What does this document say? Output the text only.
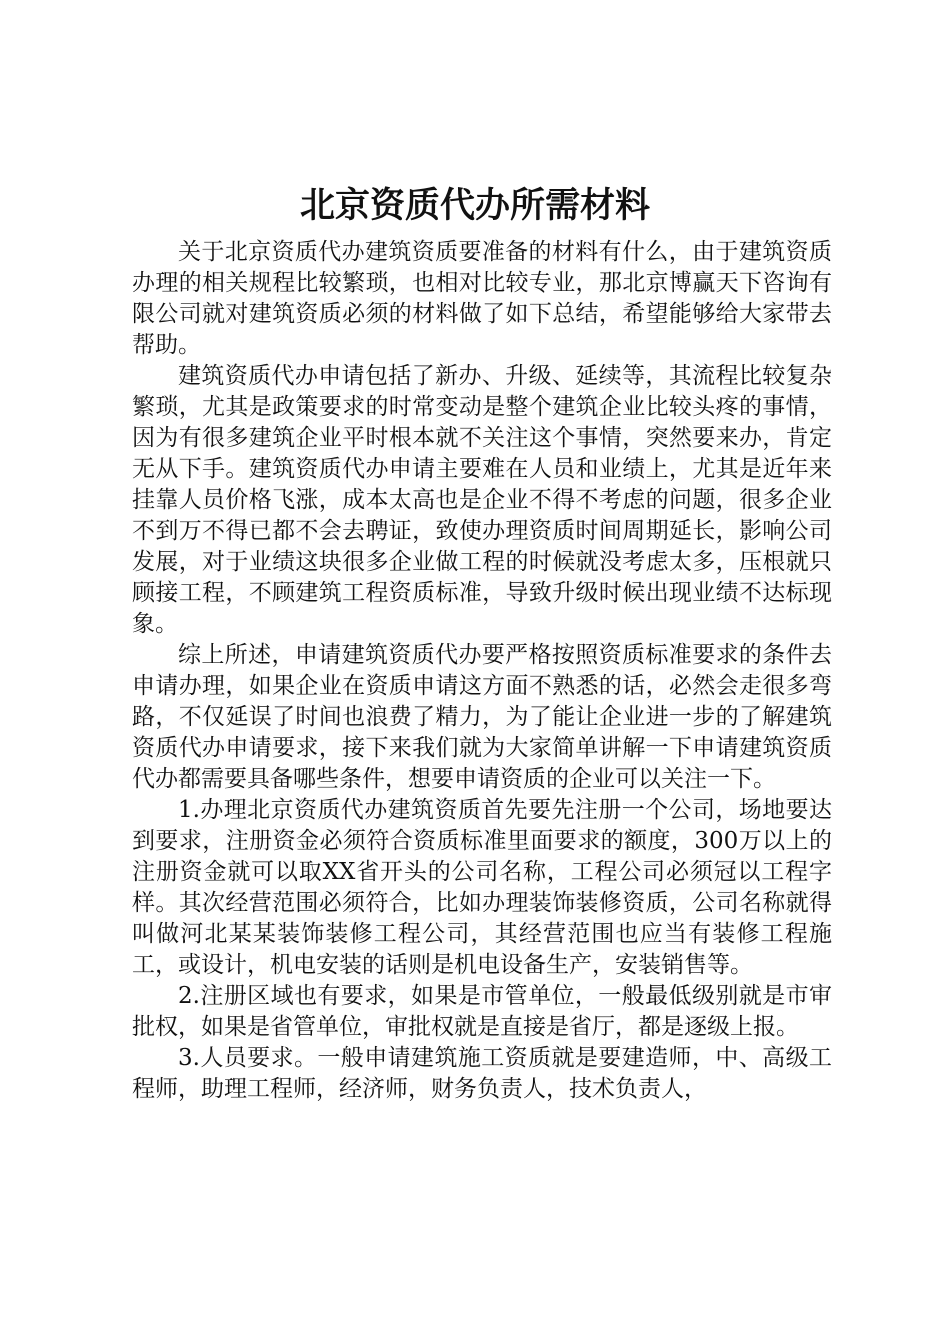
北京资质代办所需材料

关于北京资质代办建筑资质要准备的材料有什么，由于建筑资质办理的相关规程比较繁琐，也相对比较专业，那北京博赢天下咨询有限公司就对建筑资质必须的材料做了如下总结，希望能够给大家带去帮助。

建筑资质代办申请包括了新办、升级、延续等，其流程比较复杂繁琐，尤其是政策要求的时常变动是整个建筑企业比较头疼的事情，因为有很多建筑企业平时根本就不关注这个事情，突然要来办，肯定无从下手。建筑资质代办申请主要难在人员和业绩上，尤其是近年来挂靠人员价格飞涨，成本太高也是企业不得不考虑的问题，很多企业不到万不得已都不会去聘证，致使办理资质时间周期延长，影响公司发展，对于业绩这块很多企业做工程的时候就没考虑太多，压根就只顾接工程，不顾建筑工程资质标准，导致升级时候出现业绩不达标现象。

综上所述，申请建筑资质代办要严格按照资质标准要求的条件去申请办理，如果企业在资质申请这方面不熟悉的话，必然会走很多弯路，不仅延误了时间也浪费了精力，为了能让企业进一步的了解建筑资质代办申请要求，接下来我们就为大家简单讲解一下申请建筑资质代办都需要具备哪些条件，想要申请资质的企业可以关注一下。

1.办理北京资质代办建筑资质首先要先注册一个公司，场地要达到要求，注册资金必须符合资质标准里面要求的额度，300万以上的注册资金就可以取XX省开头的公司名称，工程公司必须冠以工程字样。其次经营范围必须符合，比如办理装饰装修资质，公司名称就得叫做河北某某装饰装修工程公司，其经营范围也应当有装修工程施工，或设计，机电安装的话则是机电设备生产，安装销售等。

2.注册区域也有要求，如果是市管单位，一般最低级别就是市审批权，如果是省管单位，审批权就是直接是省厅，都是逐级上报。

3.人员要求。一般申请建筑施工资质就是要建造师，中、高级工程师，助理工程师，经济师，财务负责人，技术负责人，
